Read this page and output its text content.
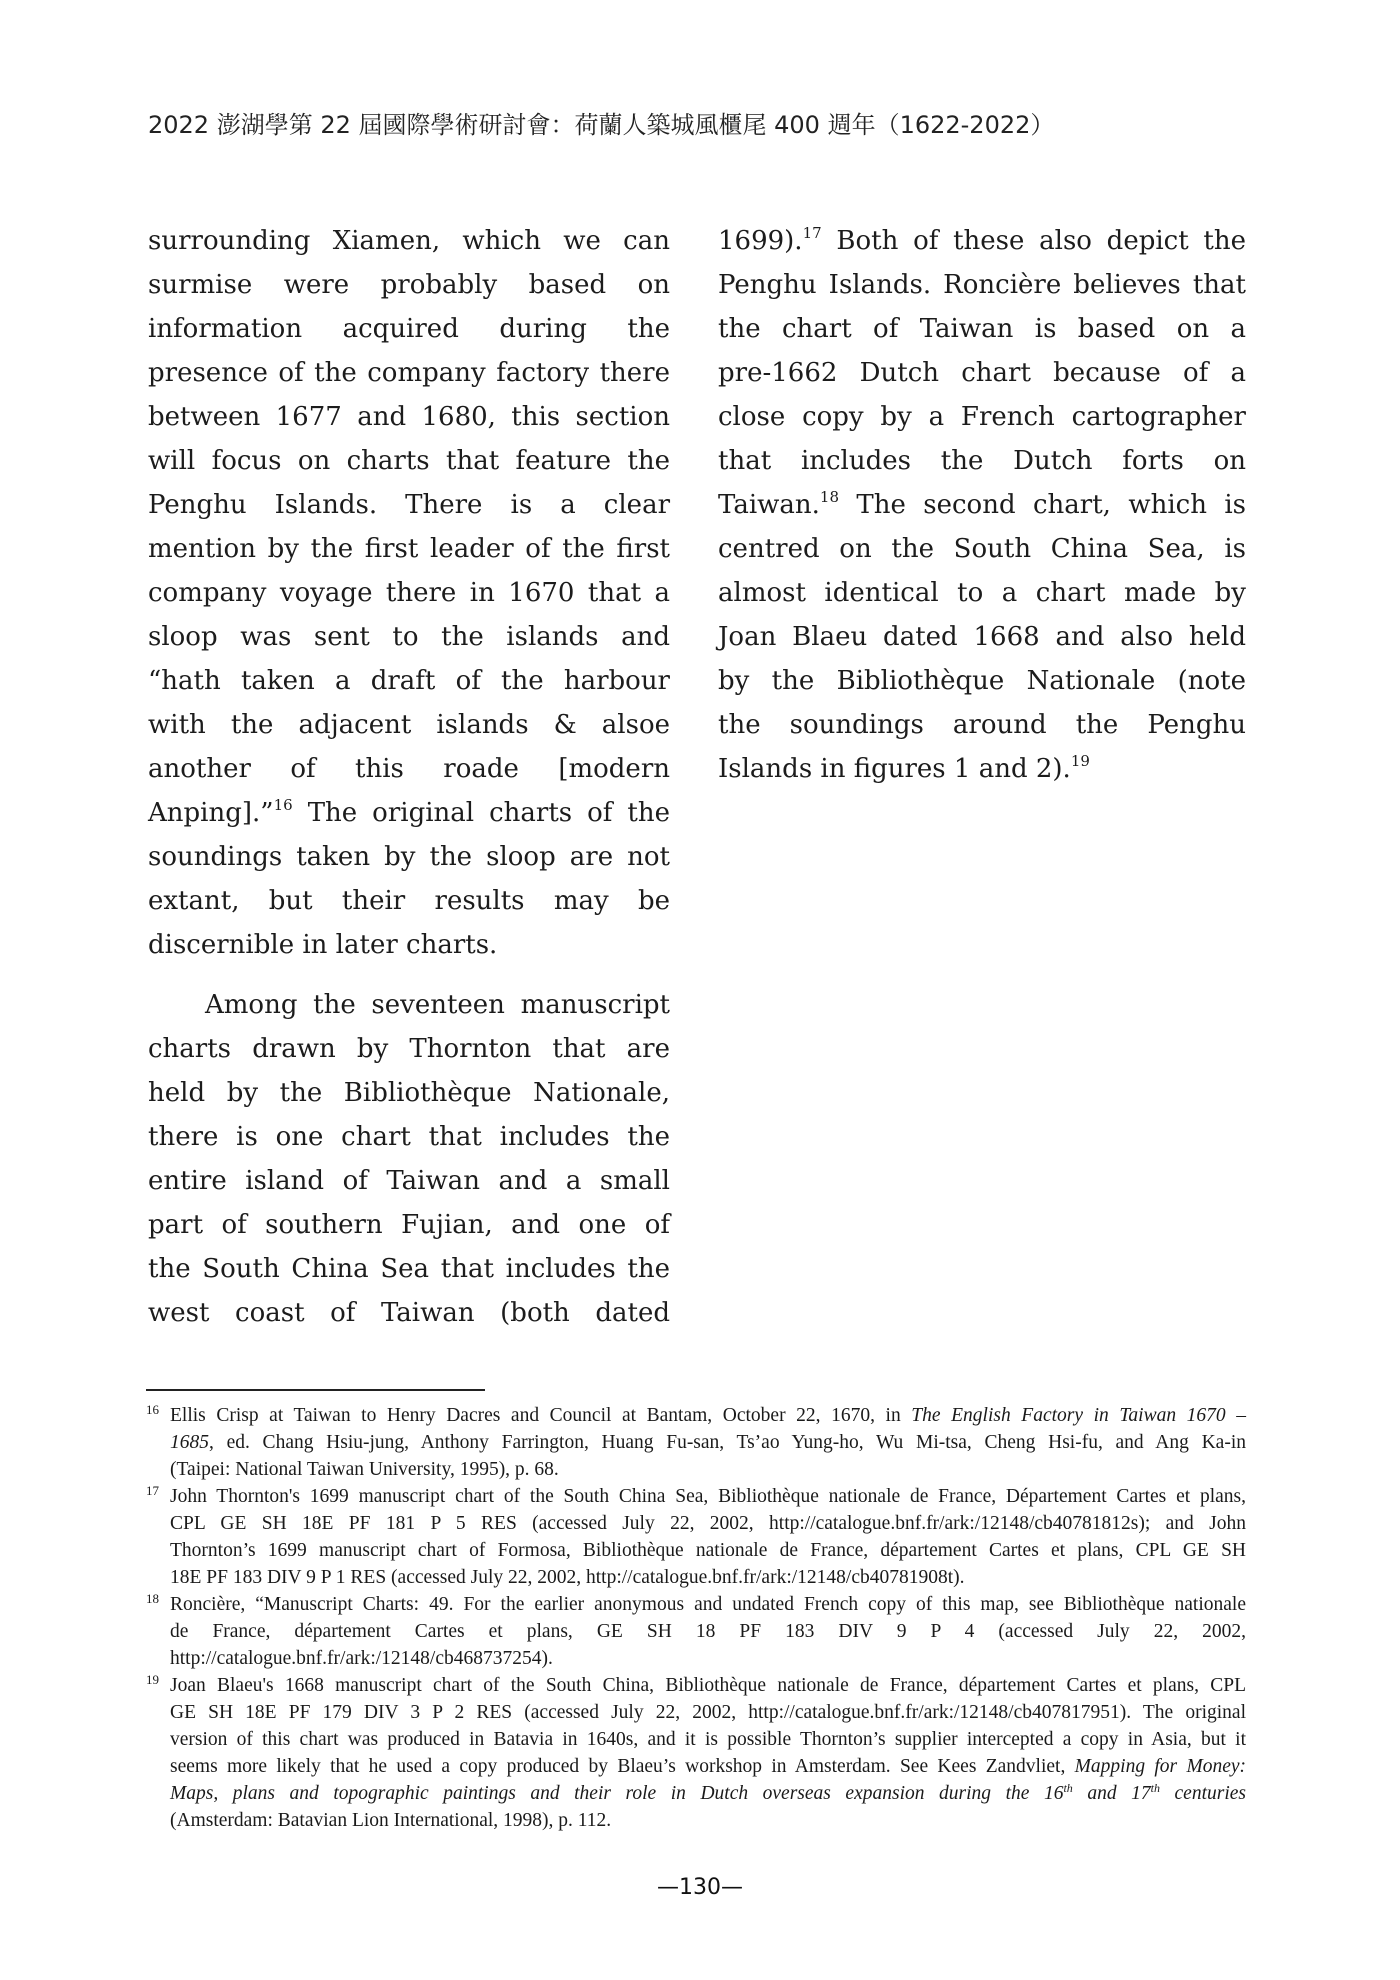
2022 澎湖學第 22 屆國際學術研討會：荷蘭人築城風櫃尾 400 週年（1622-2022）

surrounding Xiamen, which we can
surmise were probably based on
information acquired during the
presence of the company factory there
between 1677 and 1680, this section
will focus on charts that feature the
Penghu Islands. There is a clear
mention by the first leader of the first
company voyage there in 1670 that a
sloop was sent to the islands and
“hath taken a draft of the harbour
with the adjacent islands & alsoe
another of this roade [modern
Anping].”$^{16}$ The original charts of the
soundings taken by the sloop are not
extant, but their results may be
discernible in later charts.

Among the seventeen manuscript
charts drawn by Thornton that are
held by the Bibliothèque Nationale,
there is one chart that includes the
entire island of Taiwan and a small
part of southern Fujian, and one of
the South China Sea that includes the
west coast of Taiwan (both dated

1699).$^{17}$ Both of these also depict the
Penghu Islands. Roncière believes that
the chart of Taiwan is based on a
pre-1662 Dutch chart because of a
close copy by a French cartographer
that includes the Dutch forts on
Taiwan.$^{18}$ The second chart, which is
centred on the South China Sea, is
almost identical to a chart made by
Joan Blaeu dated 1668 and also held
by the Bibliothèque Nationale (note
the soundings around the Penghu
Islands in figures 1 and 2).$^{19}$

16 Ellis Crisp at Taiwan to Henry Dacres and Council at Bantam, October 22, 1670, in The English Factory in Taiwan 1670 –
1685, ed. Chang Hsiu-jung, Anthony Farrington, Huang Fu-san, Ts’ao Yung-ho, Wu Mi-tsa, Cheng Hsi-fu, and Ang Ka-in
(Taipei: National Taiwan University, 1995), p. 68.
17 John Thornton's 1699 manuscript chart of the South China Sea, Bibliothèque nationale de France, Département Cartes et plans,
CPL GE SH 18E PF 181 P 5 RES (accessed July 22, 2002, http://catalogue.bnf.fr/ark:/12148/cb40781812s); and John
Thornton’s 1699 manuscript chart of Formosa, Bibliothèque nationale de France, département Cartes et plans, CPL GE SH
18E PF 183 DIV 9 P 1 RES (accessed July 22, 2002, http://catalogue.bnf.fr/ark:/12148/cb40781908t).
18 Roncière, “Manuscript Charts: 49. For the earlier anonymous and undated French copy of this map, see Bibliothèque nationale
de France, département Cartes et plans, GE SH 18 PF 183 DIV 9 P 4 (accessed July 22, 2002,
http://catalogue.bnf.fr/ark:/12148/cb468737254).
19 Joan Blaeu's 1668 manuscript chart of the South China, Bibliothèque nationale de France, département Cartes et plans, CPL
GE SH 18E PF 179 DIV 3 P 2 RES (accessed July 22, 2002, http://catalogue.bnf.fr/ark:/12148/cb407817951). The original
version of this chart was produced in Batavia in 1640s, and it is possible Thornton’s supplier intercepted a copy in Asia, but it
seems more likely that he used a copy produced by Blaeu’s workshop in Amsterdam. See Kees Zandvliet, Mapping for Money:
Maps, plans and topographic paintings and their role in Dutch overseas expansion during the 16th and 17th centuries
(Amsterdam: Batavian Lion International, 1998), p. 112.
—130—
